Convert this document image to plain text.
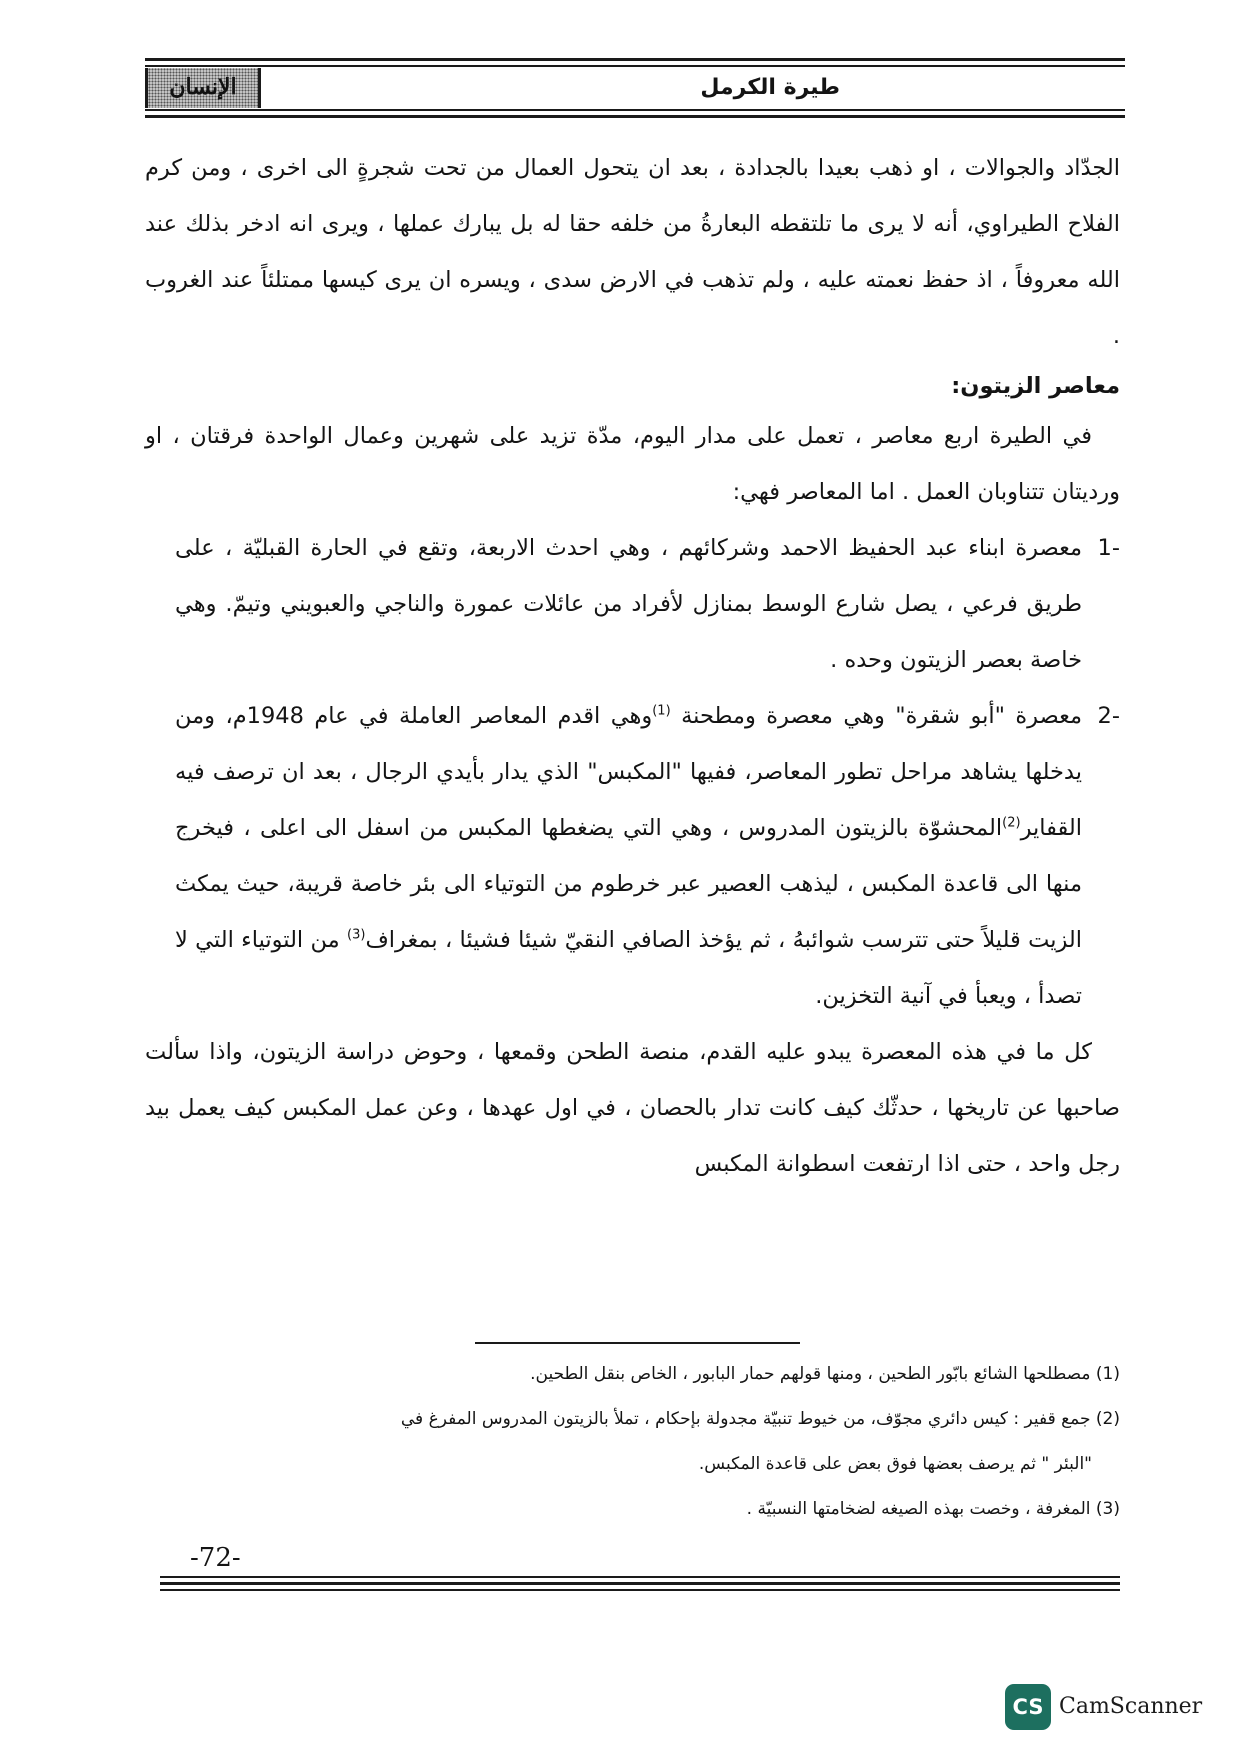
طيرة الكرمل
الإنسان

الجدّاد والجوالات ، او ذهب بعيدا بالجدادة ، بعد ان يتحول العمال من تحت شجرةٍ الى اخرى ، ومن كرم الفلاح الطيراوي، أنه لا يرى ما تلتقطه البعارةُ من خلفه حقا له بل يبارك عملها ، ويرى انه ادخر بذلك عند الله معروفاً ، اذ حفظ نعمته عليه ، ولم تذهب في الارض سدى ، ويسره ان يرى كيسها ممتلئاً عند الغروب .

معاصر الزيتون:

في الطيرة اربع معاصر ، تعمل على مدار اليوم، مدّة تزيد على شهرين وعمال الواحدة فرقتان ، او ورديتان تتناوبان العمل . اما المعاصر فهي:

-1
معصرة ابناء عبد الحفيظ الاحمد وشركائهم ، وهي احدث الاربعة، وتقع في الحارة القبليّة ، على طريق فرعي ، يصل شارع الوسط بمنازل لأفراد من عائلات عمورة والناجي والعبويني وتيمّ. وهي خاصة بعصر الزيتون وحده .
-2
معصرة "أبو شقرة" وهي معصرة ومطحنة $^{(1)}$وهي اقدم المعاصر العاملة في عام 1948م، ومن يدخلها يشاهد مراحل تطور المعاصر، ففيها "المكبس" الذي يدار بأيدي الرجال ، بعد ان ترصف فيه القفاير$^{(2)}$المحشوّة بالزيتون المدروس ، وهي التي يضغطها المكبس من اسفل الى اعلى ، فيخرج منها الى قاعدة المكبس ، ليذهب العصير عبر خرطوم من التوتياء الى بئر خاصة قريبة، حيث يمكث الزيت قليلاً حتى تترسب شوائبهُ ، ثم يؤخذ الصافي النقيّ شيئا فشيئا ، بمغراف$^{(3)}$ من التوتياء التي لا تصدأ ، ويعبأ في آنية التخزين.

كل ما في هذه المعصرة يبدو عليه القدم، منصة الطحن وقمعها ، وحوض دراسة الزيتون، واذا سألت صاحبها عن تاريخها ، حدثّك كيف كانت تدار بالحصان ، في اول عهدها ، وعن عمل المكبس كيف يعمل بيد رجل واحد ، حتى اذا ارتفعت اسطوانة المكبس

(1) مصطلحها الشائع بابّور الطحين ، ومنها قولهم حمار البابور ، الخاص بنقل الطحين.

(2) جمع قفير : كيس دائري مجوّف، من خيوط تنبيّة مجدولة بإحكام ، تملأ بالزيتون المدروس المفرغ في

"البئر " ثم يرصف بعضها فوق بعض على قاعدة المكبس.

(3) المغرفة ، وخصت بهذه الصيغه لضخامتها النسبيّة .

-72-
CS CamScanner
